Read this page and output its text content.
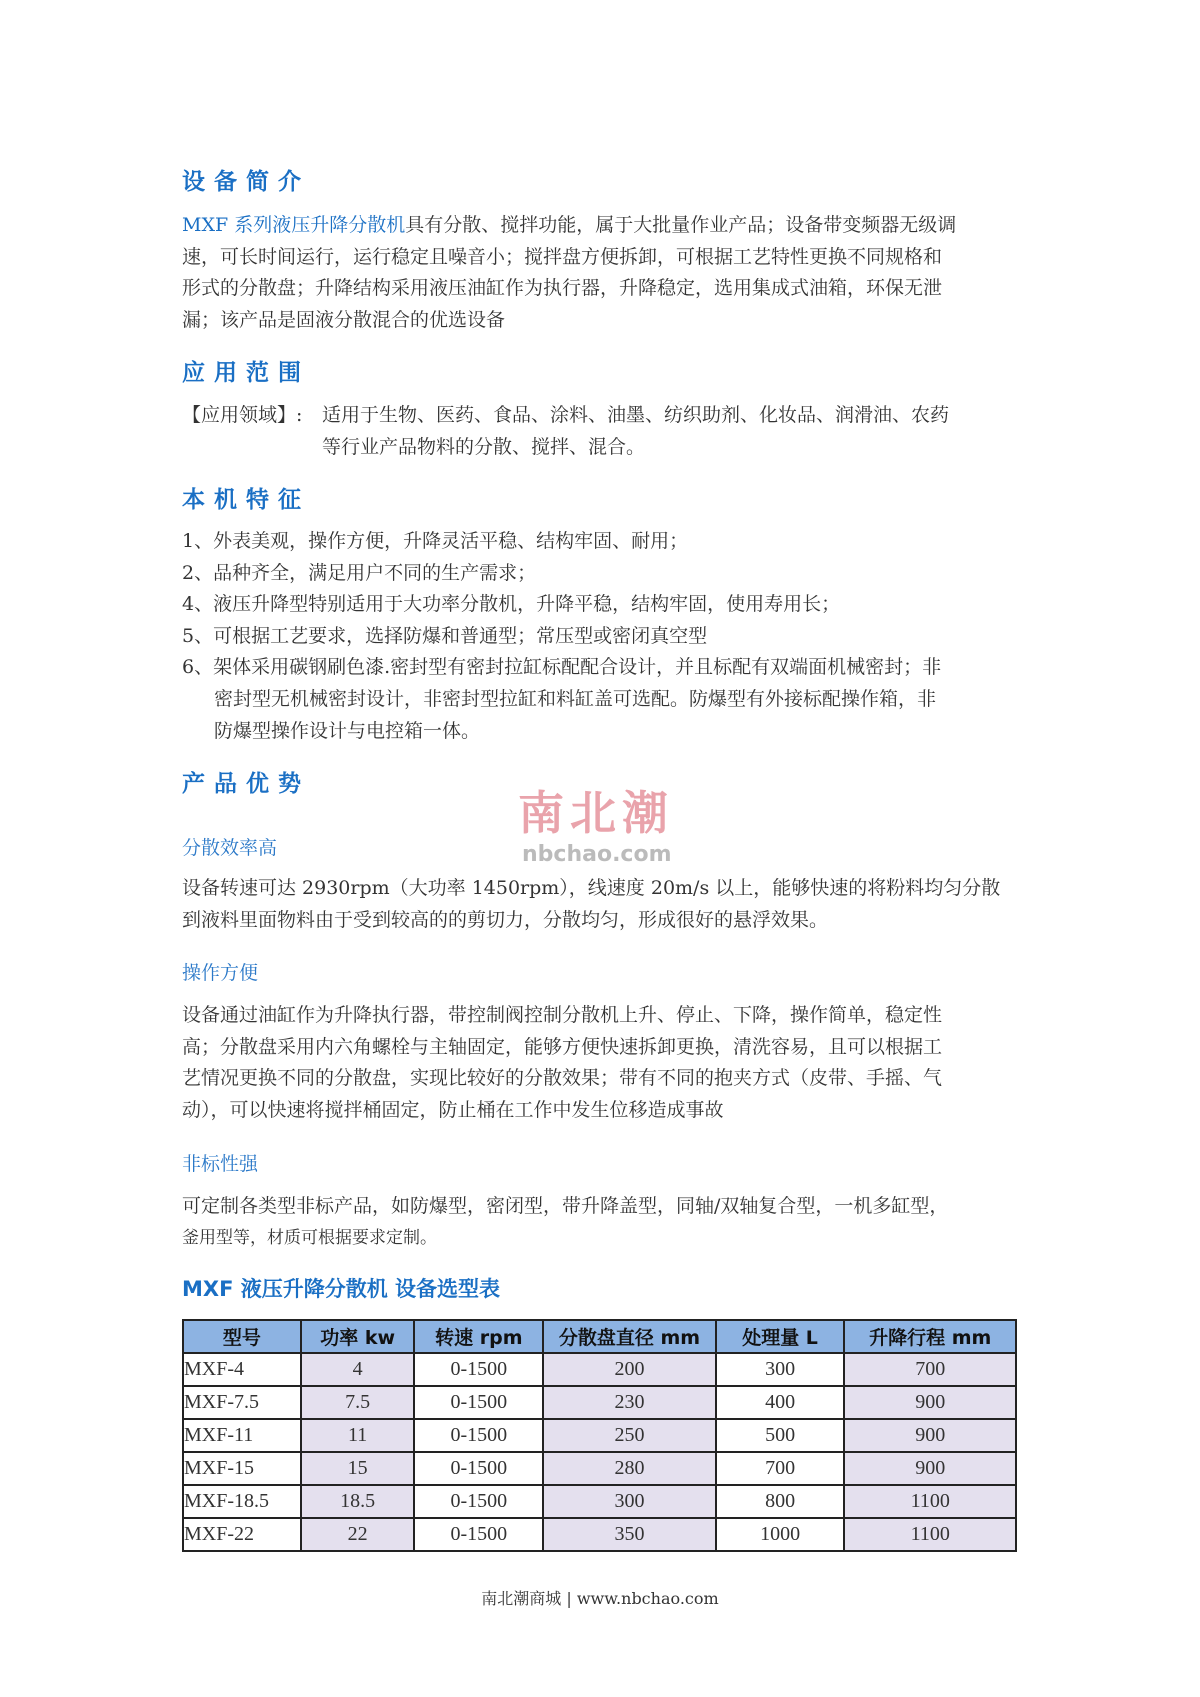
设备简介
MXF 系列液压升降分散机具有分散、搅拌功能，属于大批量作业产品；设备带变频器无级调
速，可长时间运行，运行稳定且噪音小；搅拌盘方便拆卸，可根据工艺特性更换不同规格和
形式的分散盘；升降结构采用液压油缸作为执行器，升降稳定，选用集成式油箱，环保无泄
漏；该产品是固液分散混合的优选设备
应用范围
【应用领域】: 适用于生物、医药、食品、涂料、油墨、纺织助剂、化妆品、润滑油、农药
等行业产品物料的分散、搅拌、混合。
本机特征
1、外表美观，操作方便，升降灵活平稳、结构牢固、耐用；
2、品种齐全，满足用户不同的生产需求；
4、液压升降型特别适用于大功率分散机，升降平稳，结构牢固，使用寿用长；
5、可根据工艺要求，选择防爆和普通型；常压型或密闭真空型
6、架体采用碳钢刷色漆.密封型有密封拉缸标配配合设计，并且标配有双端面机械密封；非
密封型无机械密封设计，非密封型拉缸和料缸盖可选配。防爆型有外接标配操作箱，非
防爆型操作设计与电控箱一体。
产品优势
分散效率高
设备转速可达 2930rpm（大功率 1450rpm），线速度 20m/s 以上，能够快速的将粉料均匀分散
到液料里面物料由于受到较高的的剪切力，分散均匀，形成很好的悬浮效果。
操作方便
设备通过油缸作为升降执行器，带控制阀控制分散机上升、停止、下降，操作简单，稳定性
高；分散盘采用内六角螺栓与主轴固定，能够方便快速拆卸更换，清洗容易，且可以根据工
艺情况更换不同的分散盘，实现比较好的分散效果；带有不同的抱夹方式（皮带、手摇、气
动），可以快速将搅拌桶固定，防止桶在工作中发生位移造成事故
非标性强
可定制各类型非标产品，如防爆型，密闭型，带升降盖型，同轴/双轴复合型，一机多缸型，
釜用型等，材质可根据要求定制。
南北潮
nbchao.com
MXF 液压升降分散机 设备选型表
型号	功率 kw	转速 rpm	分散盘直径 mm	处理量 L	升降行程 mm
MXF-4	4	0-1500	200	300	700
MXF-7.5	7.5	0-1500	230	400	900
MXF-11	11	0-1500	250	500	900
MXF-15	15	0-1500	280	700	900
MXF-18.5	18.5	0-1500	300	800	1100
MXF-22	22	0-1500	350	1000	1100
南北潮商城 | www.nbchao.com
